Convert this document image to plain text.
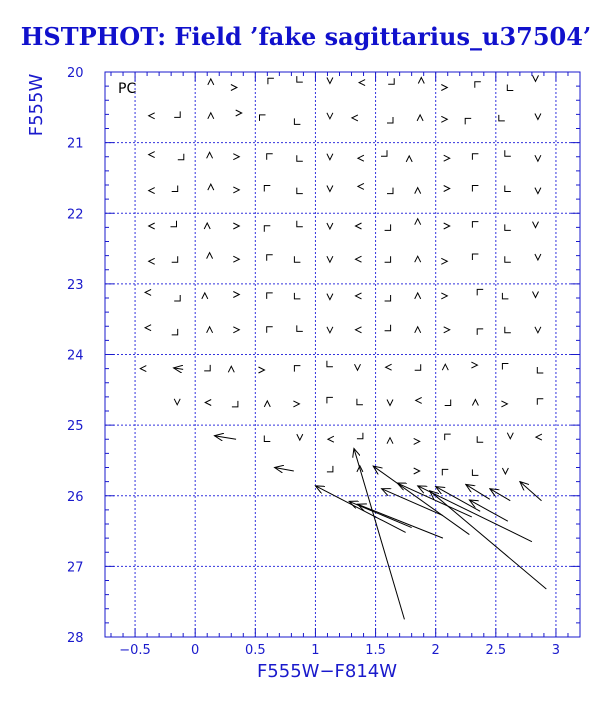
HSTPHOT: Field ’fake sagittarius_u37504’
−0.5	0	0.5	1	1.5	2	2.5	3
20
21
22
23
24
25
26
27
28
PC
F555W−F814W
F555W
